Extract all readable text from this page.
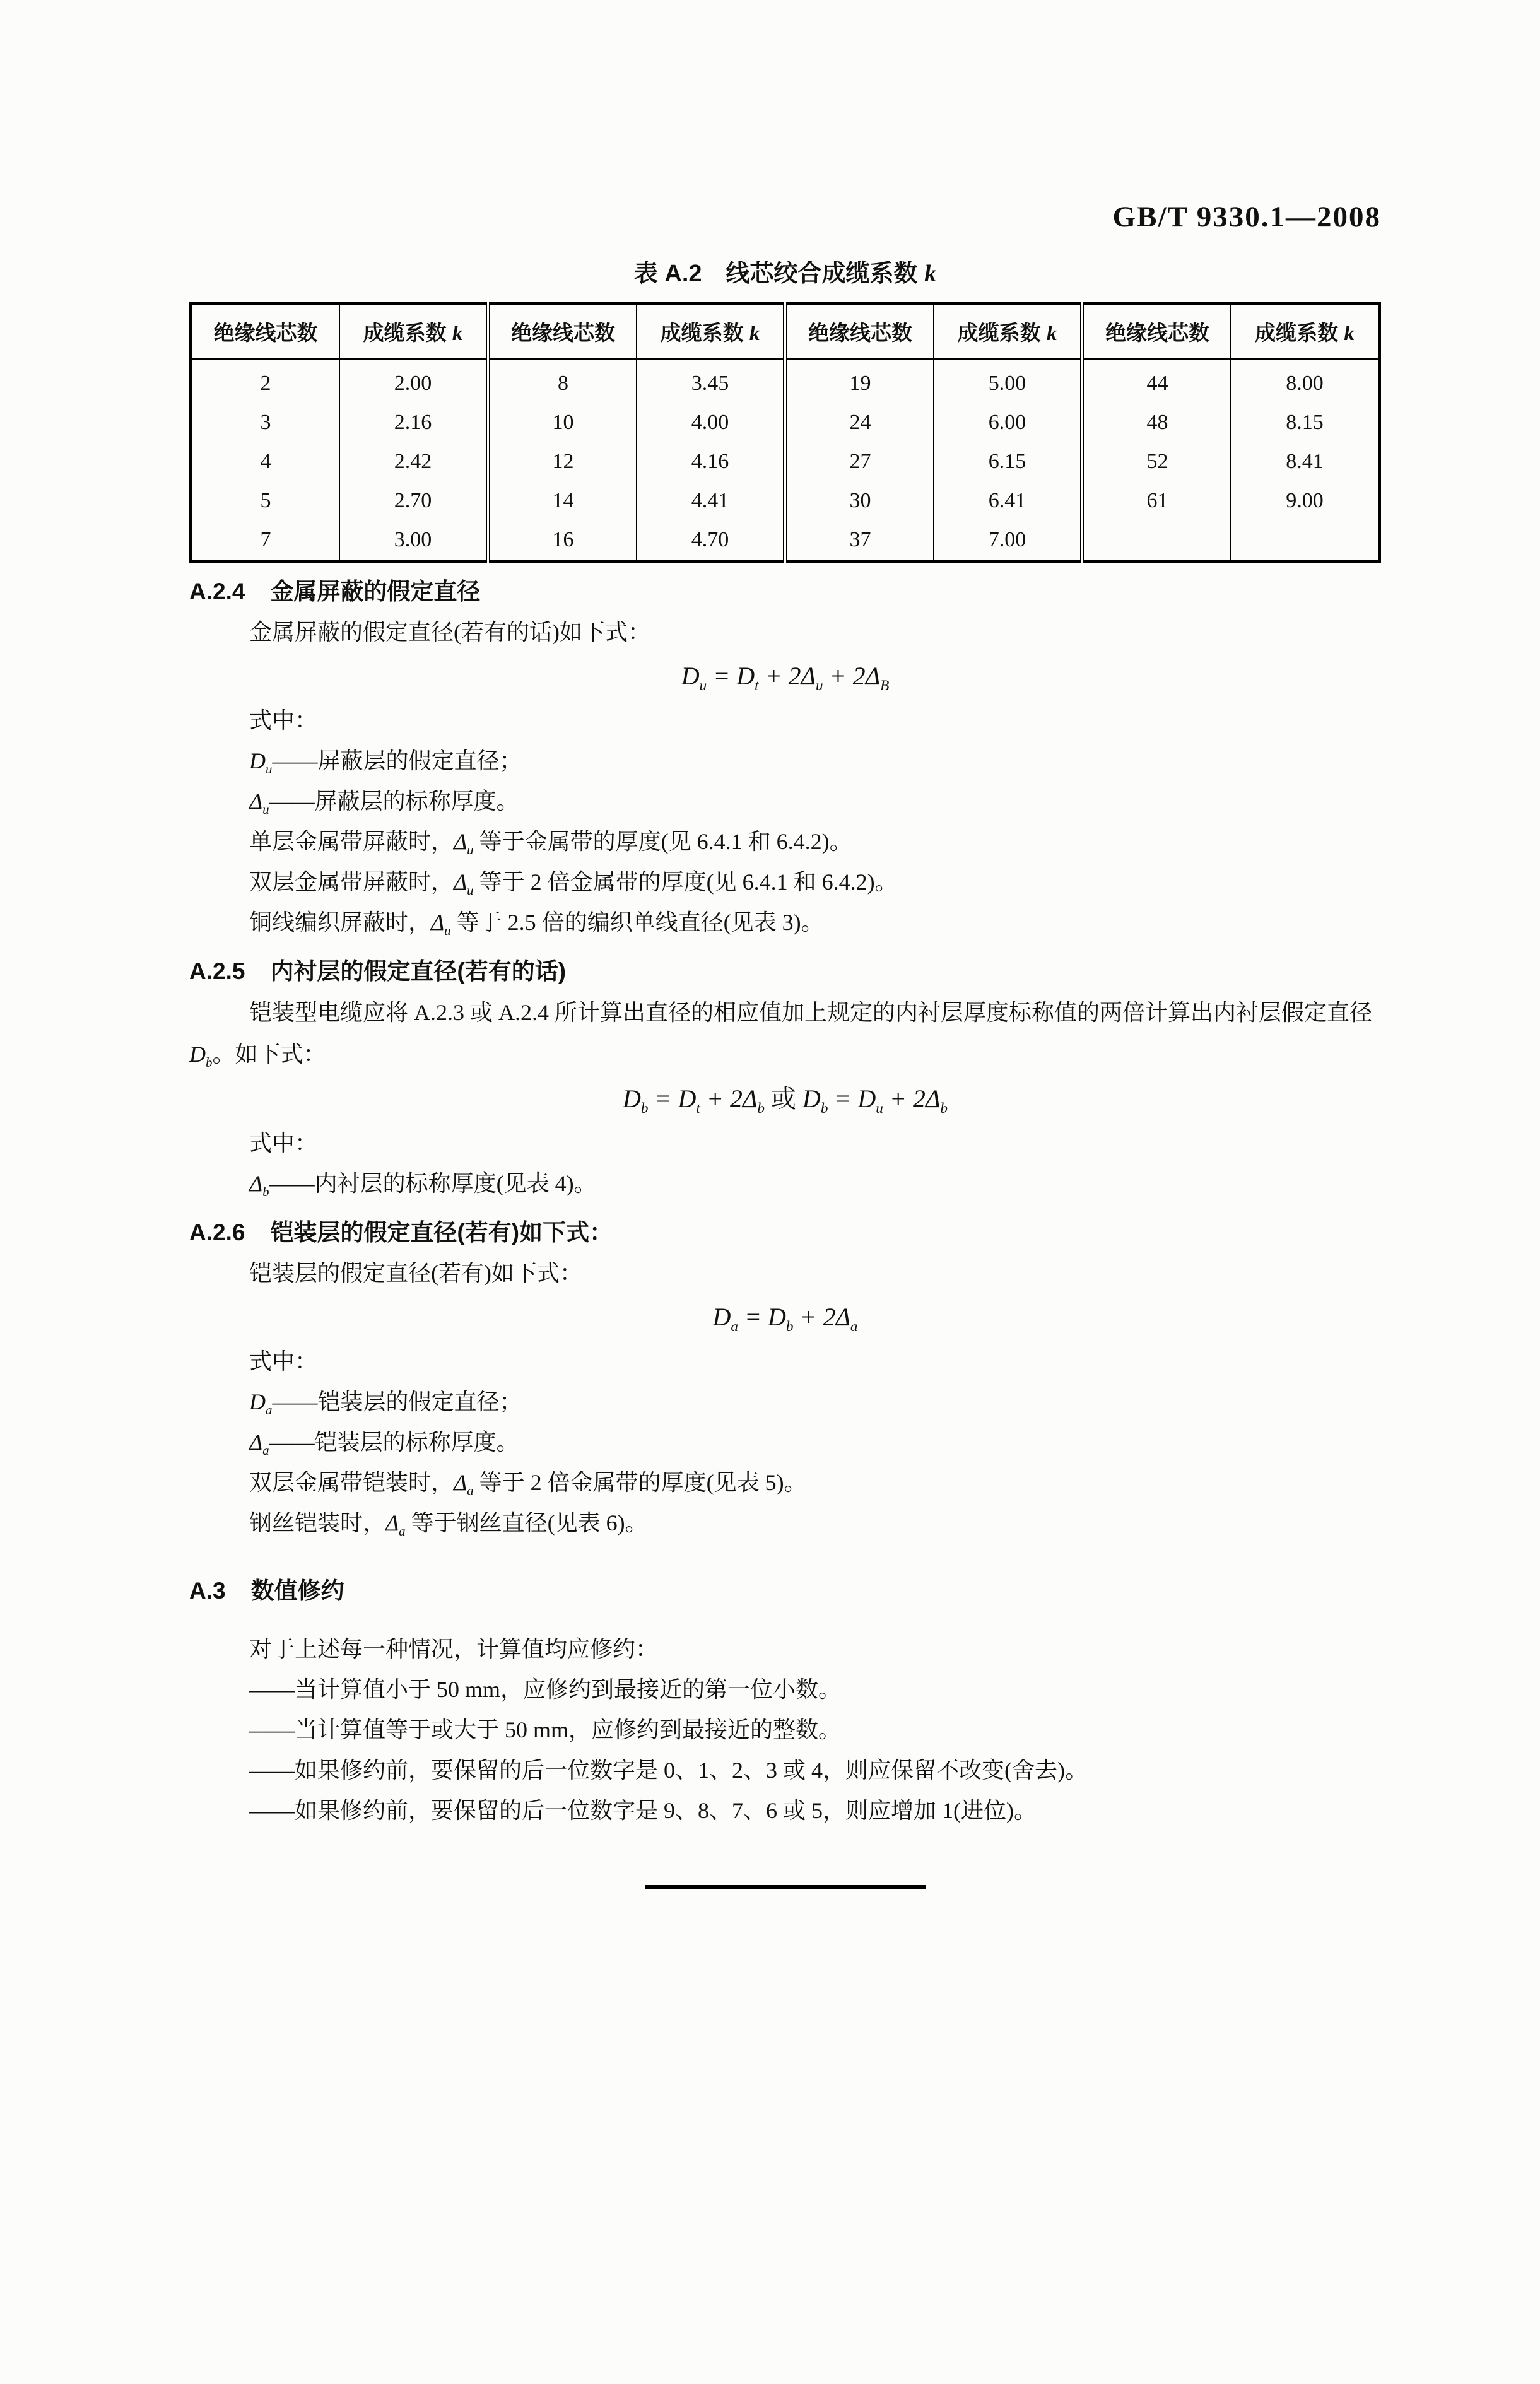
GB/T 9330.1—2008
表 A.2　线芯绞合成缆系数 k
绝缘线芯数	成缆系数 k	绝缘线芯数	成缆系数 k	绝缘线芯数	成缆系数 k	绝缘线芯数	成缆系数 k
2	2.00	8	3.45	19	5.00	44	8.00
3	2.16	10	4.00	24	6.00	48	8.15
4	2.42	12	4.16	27	6.15	52	8.41
5	2.70	14	4.41	30	6.41	61	9.00
7	3.00	16	4.70	37	7.00		
A.2.4 金属屏蔽的假定直径
金属屏蔽的假定直径(若有的话)如下式：
$D_u = D_t + 2\Delta_u + 2\Delta_B$
式中：
$D_u——$屏蔽层的假定直径；
$\Delta_u——$屏蔽层的标称厚度。
单层金属带屏蔽时，$\Delta_u$ 等于金属带的厚度(见 6.4.1 和 6.4.2)。
双层金属带屏蔽时，$\Delta_u$ 等于 2 倍金属带的厚度(见 6.4.1 和 6.4.2)。
铜线编织屏蔽时，$\Delta_u$ 等于 2.5 倍的编织单线直径(见表 3)。
A.2.5 内衬层的假定直径(若有的话)

铠装型电缆应将 A.2.3 或 A.2.4 所计算出直径的相应值加上规定的内衬层厚度标称值的两倍计算出内衬层假定直径 $D_b$。如下式：

$D_b = D_t + 2\Delta_b$ 或 $D_b = D_u + 2\Delta_b$
式中：
$\Delta_b——$内衬层的标称厚度(见表 4)。
A.2.6 铠装层的假定直径(若有)如下式：
铠装层的假定直径(若有)如下式：
$D_a = D_b + 2\Delta_a$
式中：
$D_a——$铠装层的假定直径；
$\Delta_a——$铠装层的标称厚度。
双层金属带铠装时，$\Delta_a$ 等于 2 倍金属带的厚度(见表 5)。
钢丝铠装时，$\Delta_a$ 等于钢丝直径(见表 6)。
A.3 数值修约
对于上述每一种情况，计算值均应修约：
——当计算值小于 50 mm，应修约到最接近的第一位小数。
——当计算值等于或大于 50 mm，应修约到最接近的整数。
——如果修约前，要保留的后一位数字是 0、1、2、3 或 4，则应保留不改变(舍去)。
——如果修约前，要保留的后一位数字是 9、8、7、6 或 5，则应增加 1(进位)。
